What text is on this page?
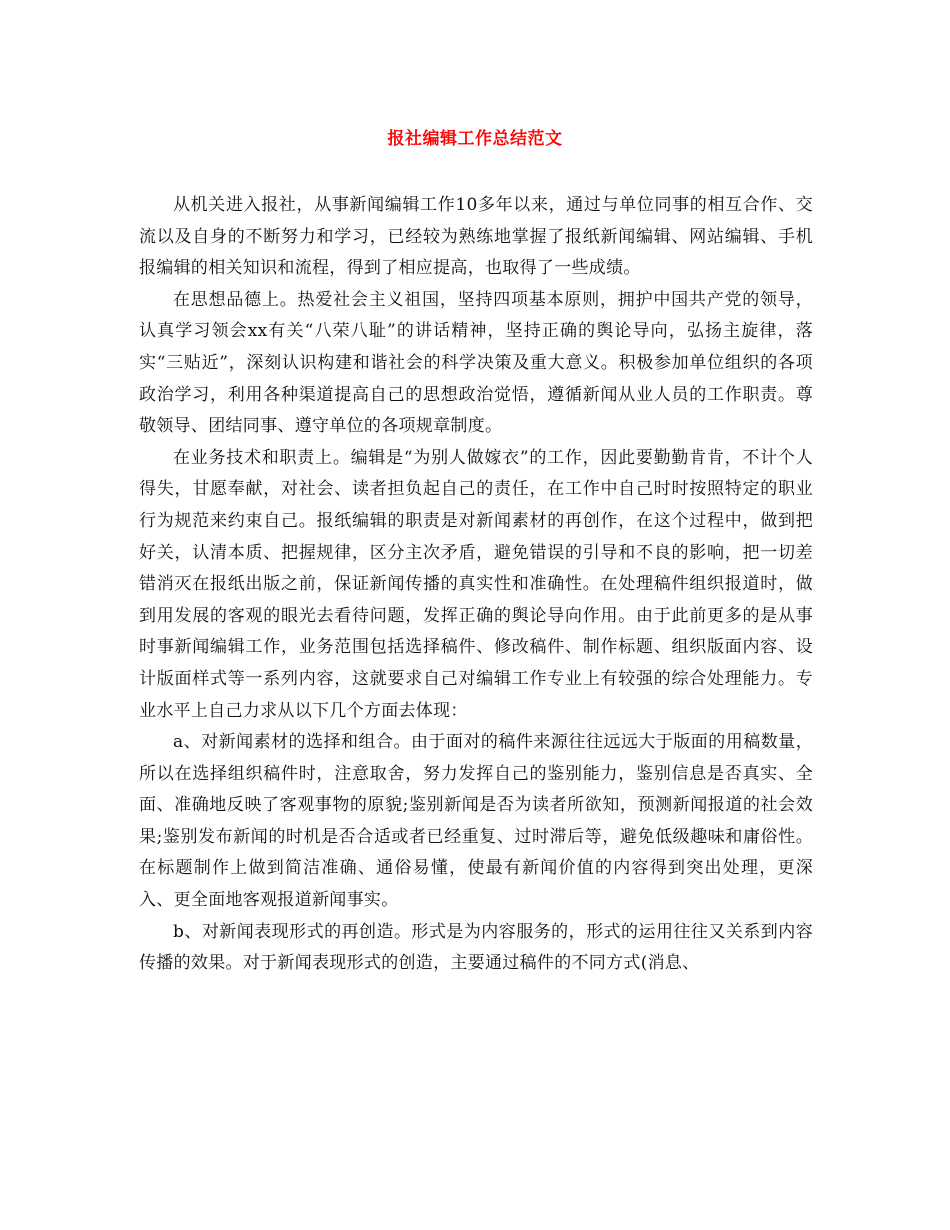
报社编辑工作总结范文

从机关进入报社，从事新闻编辑工作10多年以来，通过与单位同事的相互合作、交流以及自身的不断努力和学习，已经较为熟练地掌握了报纸新闻编辑、网站编辑、手机报编辑的相关知识和流程，得到了相应提高，也取得了一些成绩。

在思想品德上。热爱社会主义祖国，坚持四项基本原则，拥护中国共产党的领导，认真学习领会xx有关“八荣八耻”的讲话精神，坚持正确的舆论导向，弘扬主旋律，落实“三贴近”，深刻认识构建和谐社会的科学决策及重大意义。积极参加单位组织的各项政治学习，利用各种渠道提高自己的思想政治觉悟，遵循新闻从业人员的工作职责。尊敬领导、团结同事、遵守单位的各项规章制度。

在业务技术和职责上。编辑是“为别人做嫁衣”的工作，因此要勤勤肯肯，不计个人得失，甘愿奉献，对社会、读者担负起自己的责任，在工作中自己时时按照特定的职业行为规范来约束自己。报纸编辑的职责是对新闻素材的再创作，在这个过程中，做到把好关，认清本质、把握规律，区分主次矛盾，避免错误的引导和不良的影响，把一切差错消灭在报纸出版之前，保证新闻传播的真实性和准确性。在处理稿件组织报道时，做到用发展的客观的眼光去看待问题，发挥正确的舆论导向作用。由于此前更多的是从事时事新闻编辑工作，业务范围包括选择稿件、修改稿件、制作标题、组织版面内容、设计版面样式等一系列内容，这就要求自己对编辑工作专业上有较强的综合处理能力。专业水平上自己力求从以下几个方面去体现：

a、对新闻素材的选择和组合。由于面对的稿件来源往往远远大于版面的用稿数量，所以在选择组织稿件时，注意取舍，努力发挥自己的鉴别能力，鉴别信息是否真实、全面、准确地反映了客观事物的原貌;鉴别新闻是否为读者所欲知，预测新闻报道的社会效果;鉴别发布新闻的时机是否合适或者已经重复、过时滞后等，避免低级趣味和庸俗性。在标题制作上做到简洁准确、通俗易懂，使最有新闻价值的内容得到突出处理，更深入、更全面地客观报道新闻事实。

b、对新闻表现形式的再创造。形式是为内容服务的，形式的运用往往又关系到内容传播的效果。对于新闻表现形式的创造，主要通过稿件的不同方式(消息、
